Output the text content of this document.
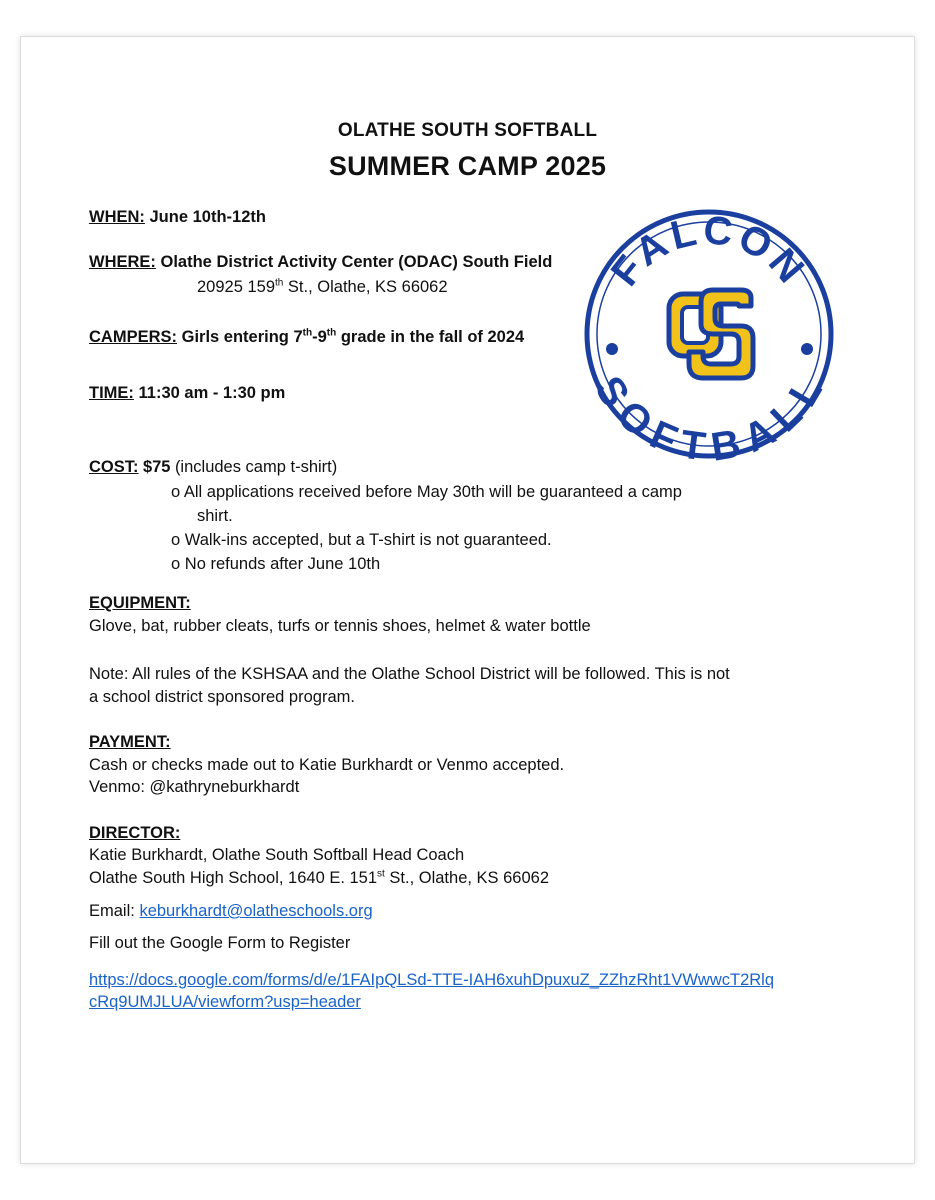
OLATHE SOUTH SOFTBALL
SUMMER CAMP 2025
WHEN: June 10th-12th
WHERE: Olathe District Activity Center (ODAC) South Field
20925 159th St., Olathe, KS 66062
CAMPERS: Girls entering 7th-9th grade in the fall of 2024
TIME: 11:30 am - 1:30 pm
COST: $75 (includes camp t-shirt)
o All applications received before May 30th will be guaranteed a camp
shirt.
o Walk-ins accepted, but a T-shirt is not guaranteed.
o No refunds after June 10th
EQUIPMENT:
Glove, bat, rubber cleats, turfs or tennis shoes, helmet & water bottle
Note: All rules of the KSHSAA and the Olathe School District will be followed. This is not
a school district sponsored program.
PAYMENT:
Cash or checks made out to Katie Burkhardt or Venmo accepted.
Venmo: @kathryneburkhardt
DIRECTOR:
Katie Burkhardt, Olathe South Softball Head Coach
Olathe South High School, 1640 E. 151st St., Olathe, KS 66062
Email: keburkhardt@olatheschools.org
Fill out the Google Form to Register
https://docs.google.com/forms/d/e/1FAIpQLSd-TTE-IAH6xuhDpuxuZ_ZZhzRht1VWwwcT2Rlq
cRq9UMJLUA/viewform?usp=header
FALCON
SOFTBALL
